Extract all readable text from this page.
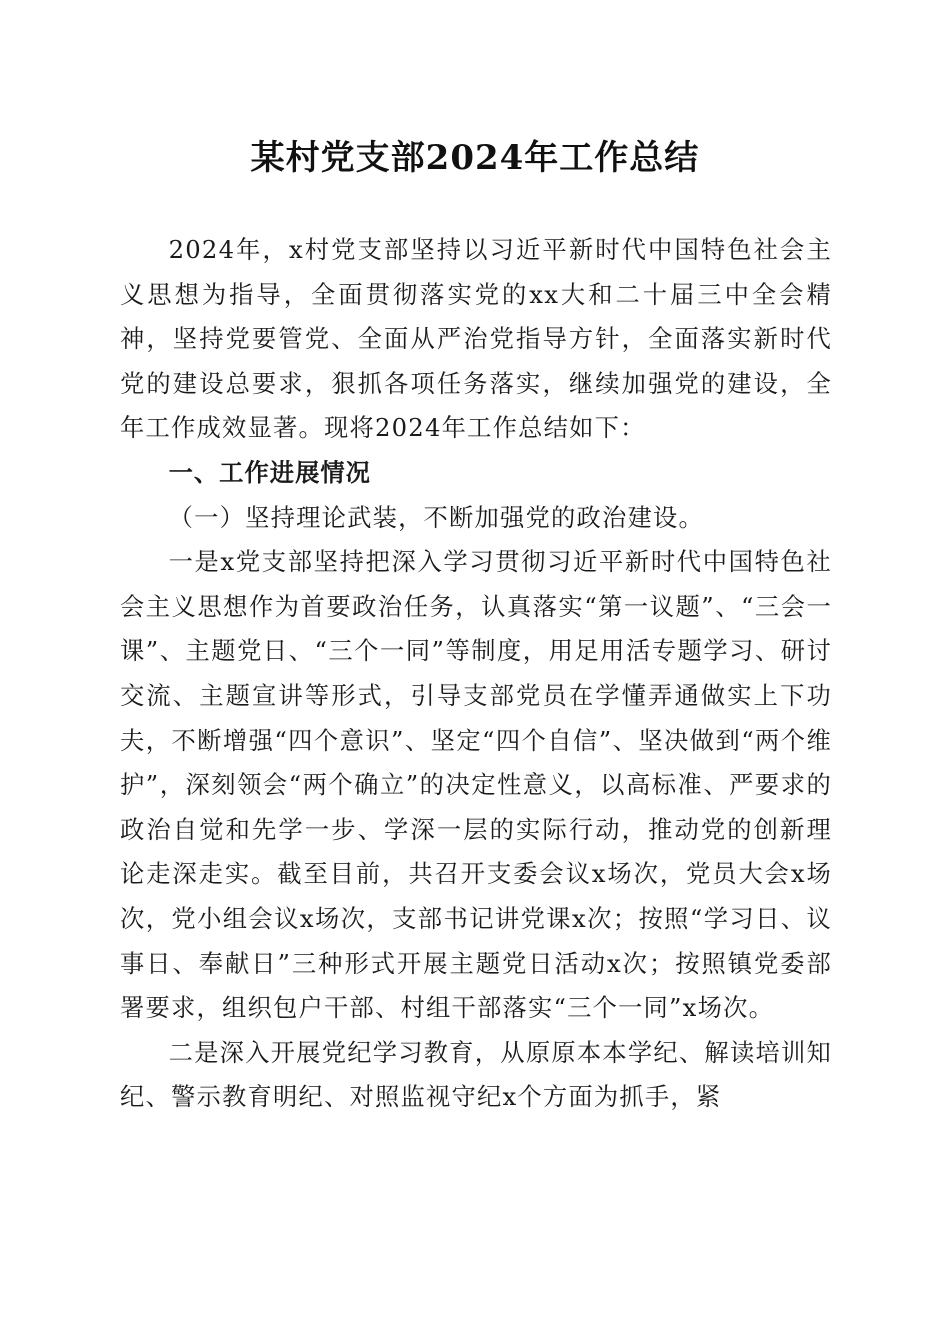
某村党支部2024年工作总结

2024年，x村党支部坚持以习近平新时代中国特色社会主义思想为指导，全面贯彻落实党的xx大和二十届三中全会精神，坚持党要管党、全面从严治党指导方针，全面落实新时代党的建设总要求，狠抓各项任务落实，继续加强党的建设，全年工作成效显著。现将2024年工作总结如下：

一、工作进展情况

（一）坚持理论武装，不断加强党的政治建设。

一是x党支部坚持把深入学习贯彻习近平新时代中国特色社会主义思想作为首要政治任务，认真落实“第一议题”、“三会一课”、主题党日、“三个一同”等制度，用足用活专题学习、研讨交流、主题宣讲等形式，引导支部党员在学懂弄通做实上下功夫，不断增强“四个意识”、坚定“四个自信”、坚决做到“两个维护”，深刻领会“两个确立”的决定性意义，以高标准、严要求的政治自觉和先学一步、学深一层的实际行动，推动党的创新理论走深走实。截至目前，共召开支委会议x场次，党员大会x场次，党小组会议x场次，支部书记讲党课x次；按照“学习日、议事日、奉献日”三种形式开展主题党日活动x次；按照镇党委部署要求，组织包户干部、村组干部落实“三个一同”x场次。

二是深入开展党纪学习教育，从原原本本学纪、解读培训知纪、警示教育明纪、对照监视守纪x个方面为抓手，紧
